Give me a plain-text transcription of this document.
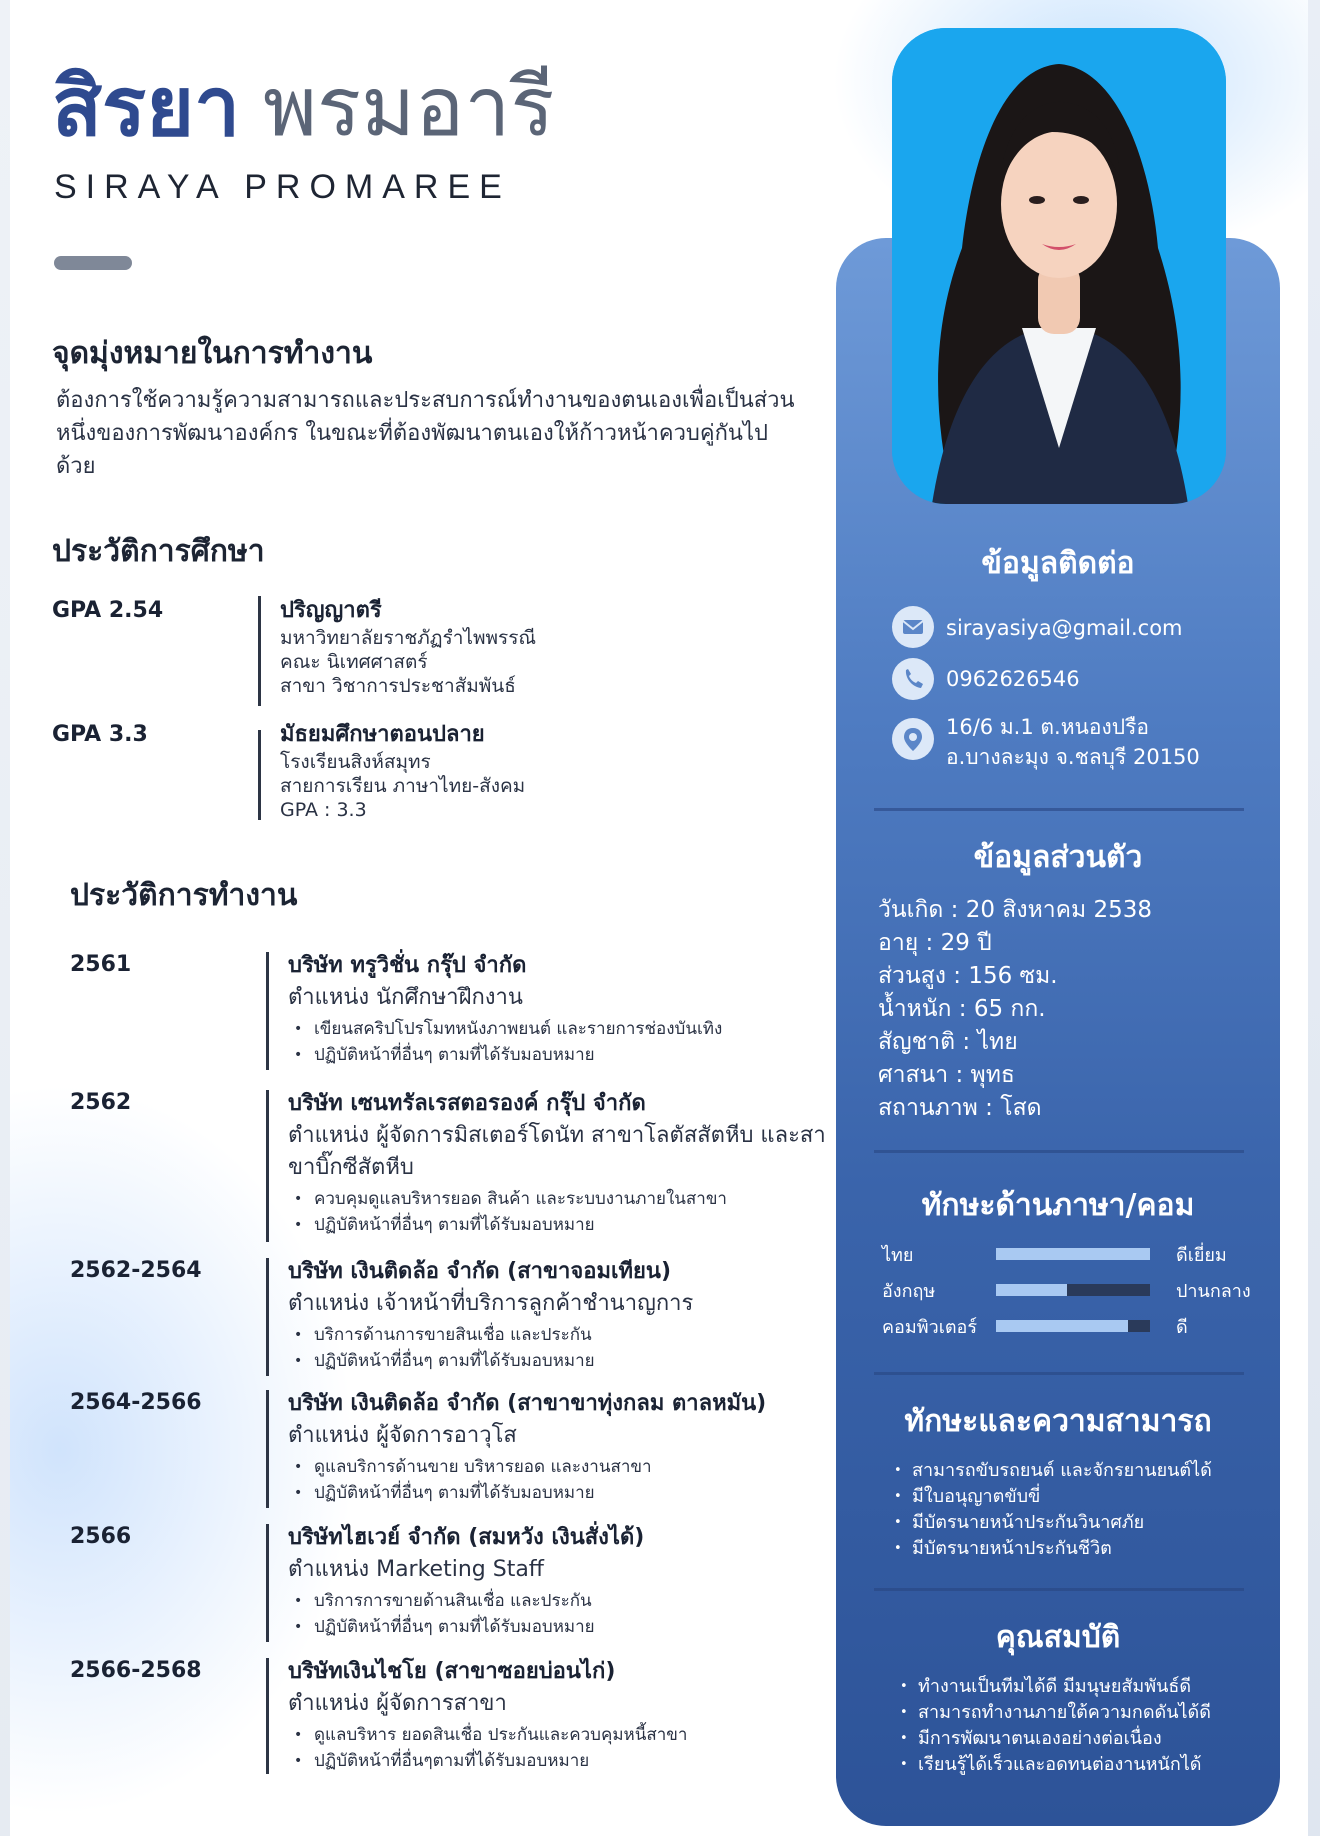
สิรยา พรมอารี
SIRAYA PROMAREE
จุดมุ่งหมายในการทำงาน
ต้องการใช้ความรู้ความสามารถและประสบการณ์ทำงานของตนเองเพื่อเป็นส่วนหนึ่งของการพัฒนาองค์กร ในขณะที่ต้องพัฒนาตนเองให้ก้าวหน้าควบคู่กันไปด้วย
ประวัติการศึกษา
GPA 2.54	ปริญญาตรี
มหาวิทยาลัยราชภัฏรำไพพรรณี
คณะ นิเทศศาสตร์
สาขา วิชาการประชาสัมพันธ์
GPA 3.3	มัธยมศึกษาตอนปลาย
โรงเรียนสิงห์สมุทร
สายการเรียน ภาษาไทย-สังคม
GPA : 3.3
ประวัติการทำงาน
2561	บริษัท ทรูวิชั่น กรุ๊ป จำกัด
ตำแหน่ง นักศึกษาฝึกงาน
• เขียนสคริปโปรโมทหนังภาพยนต์ และรายการช่องบันเทิง
• ปฏิบัติหน้าที่อื่นๆ ตามที่ได้รับมอบหมาย
2562	บริษัท เซนทรัลเรสตอรองค์ กรุ๊ป จำกัด
ตำแหน่ง ผู้จัดการมิสเตอร์โดนัท สาขาโลตัสสัตหีบ และสาขาบิ๊กซีสัตหีบ
• ควบคุมดูแลบริหารยอด สินค้า และระบบงานภายในสาขา
• ปฏิบัติหน้าที่อื่นๆ ตามที่ได้รับมอบหมาย
2562-2564	บริษัท เงินติดล้อ จำกัด (สาขาจอมเทียน)
ตำแหน่ง เจ้าหน้าที่บริการลูกค้าชำนาญการ
• บริการด้านการขายสินเชื่อ และประกัน
• ปฏิบัติหน้าที่อื่นๆ ตามที่ได้รับมอบหมาย
2564-2566	บริษัท เงินติดล้อ จำกัด (สาขาขาทุ่งกลม ตาลหมัน)
ตำแหน่ง ผู้จัดการอาวุโส
• ดูแลบริการด้านขาย บริหารยอด และงานสาขา
• ปฏิบัติหน้าที่อื่นๆ ตามที่ได้รับมอบหมาย
2566	บริษัทไฮเวย์ จำกัด (สมหวัง เงินสั่งได้)
ตำแหน่ง Marketing Staff
• บริการการขายด้านสินเชื่อ และประกัน
• ปฏิบัติหน้าที่อื่นๆ ตามที่ได้รับมอบหมาย
2566-2568	บริษัทเงินไชโย (สาขาซอยบ่อนไก่)
ตำแหน่ง ผู้จัดการสาขา
• ดูแลบริหาร ยอดสินเชื่อ ประกันและควบคุมหนี้สาขา
• ปฏิบัติหน้าที่อื่นๆตามที่ได้รับมอบหมาย
ข้อมูลติดต่อ
sirayasiya@gmail.com
0962626546
16/6 ม.1 ต.หนองปรือ
อ.บางละมุง จ.ชลบุรี 20150
ข้อมูลส่วนตัว
วันเกิด : 20 สิงหาคม 2538
อายุ : 29 ปี
ส่วนสูง : 156 ซม.
น้ำหนัก : 65 กก.
สัญชาติ : ไทย
ศาสนา : พุทธ
สถานภาพ : โสด
ทักษะด้านภาษา/คอม
ไทย	ดีเยี่ยม
อังกฤษ	ปานกลาง
คอมพิวเตอร์	ดี
ทักษะและความสามารถ
• สามารถขับรถยนต์ และจักรยานยนต์ได้
• มีใบอนุญาตขับขี่
• มีบัตรนายหน้าประกันวินาศภัย
• มีบัตรนายหน้าประกันชีวิต
คุณสมบัติ
• ทำงานเป็นทีมได้ดี มีมนุษยสัมพันธ์ดี
• สามารถทำงานภายใต้ความกดดันได้ดี
• มีการพัฒนาตนเองอย่างต่อเนื่อง
• เรียนรู้ได้เร็วและอดทนต่องานหนักได้
